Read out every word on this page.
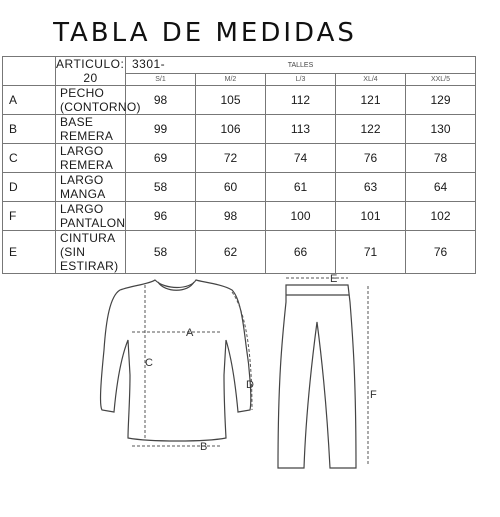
TABLA DE MEDIDAS
	ARTICULO: 3301-20	TALLES				
		S/1	M/2	L/3	XL/4	XXL/5
A	PECHO (CONTORNO)	98	105	112	121	129
B	BASE REMERA	99	106	113	122	130
C	LARGO REMERA	69	72	74	76	78
D	LARGO MANGA	58	60	61	63	64
F	LARGO PANTALON	96	98	100	101	102
E	CINTURA (SIN ESTIRAR)	58	62	66	71	76
A
B
C
D
E
F
